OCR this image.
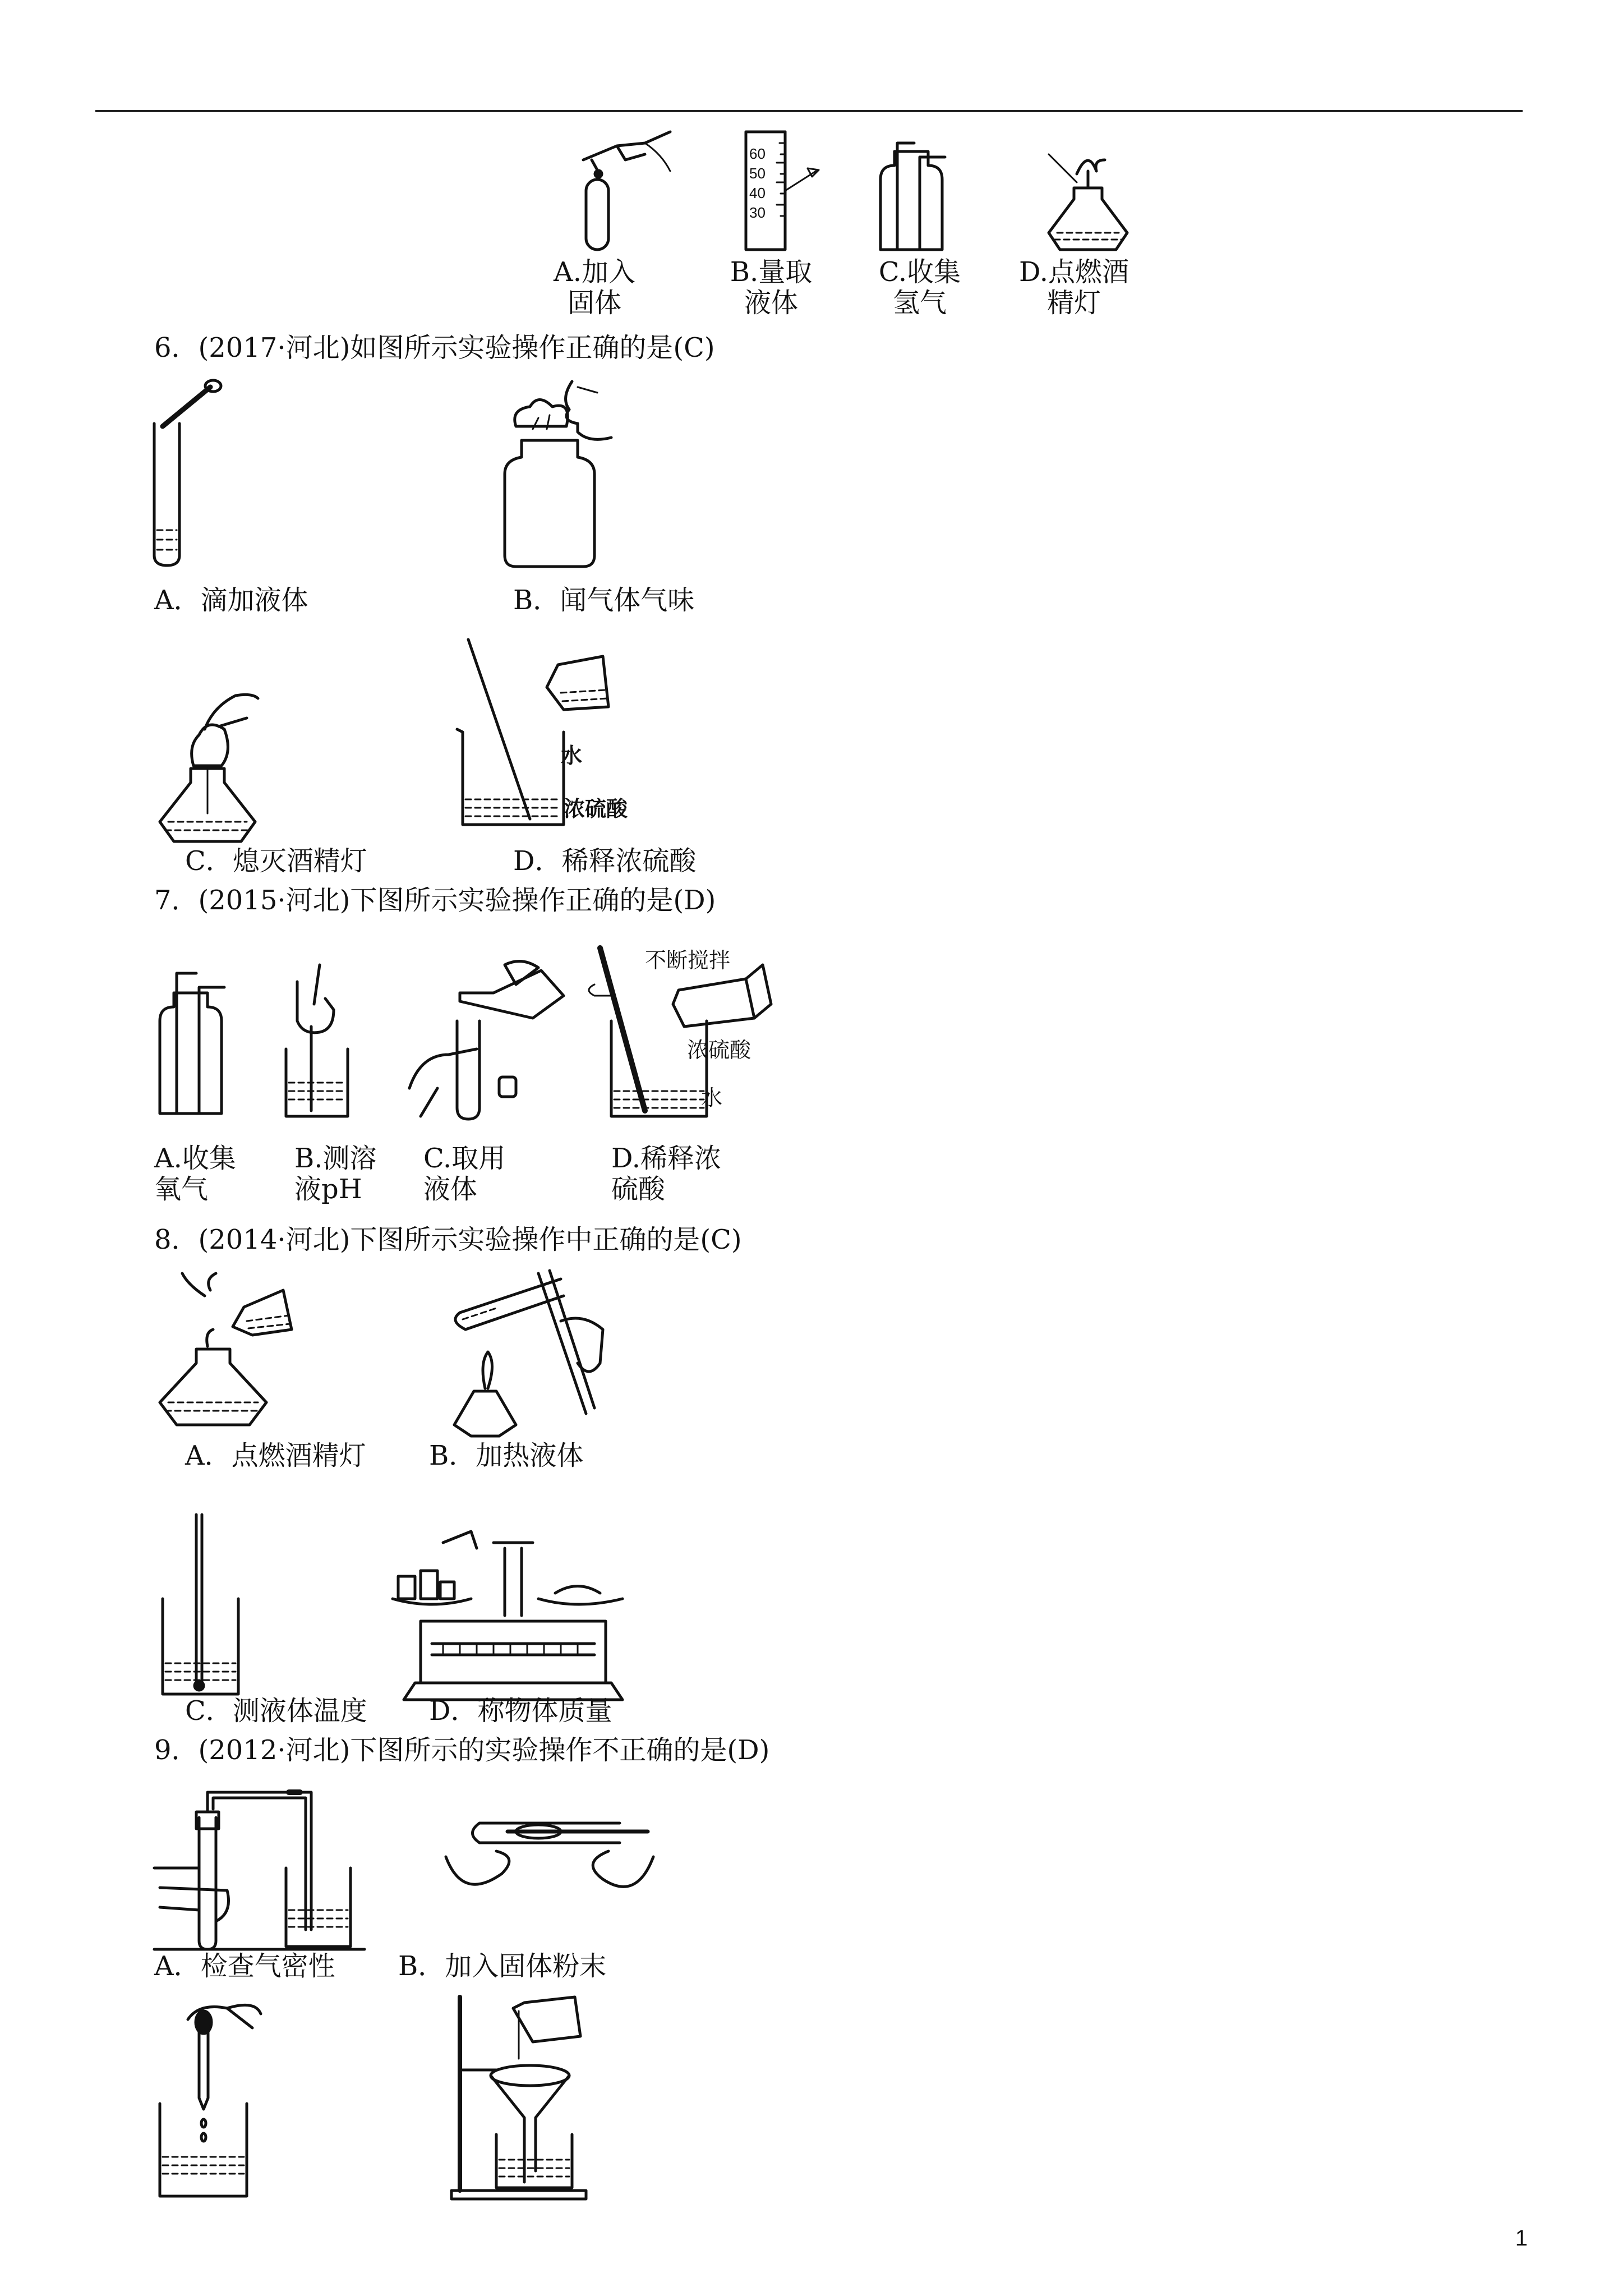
60
50
40
30
A.加入
固体
B.量取
液体
C.收集
氢气
D.点燃酒
精灯
6．(2017·河北)如图所示实验操作正确的是(C)
A．滴加液体	B．闻气体气味
水
浓硫酸
C．熄灭酒精灯	D．稀释浓硫酸
7．(2015·河北)下图所示实验操作正确的是(D)
不断搅拌
浓硫酸
水
A.收集
氧气
B.测溶
液pH
C.取用
液体
D.稀释浓
硫酸
8．(2014·河北)下图所示实验操作中正确的是(C)
A．点燃酒精灯 B．加热液体
C．测液体温度 D．称物体质量
9．(2012·河北)下图所示的实验操作不正确的是(D)
A．检查气密性 B．加入固体粉末
1
